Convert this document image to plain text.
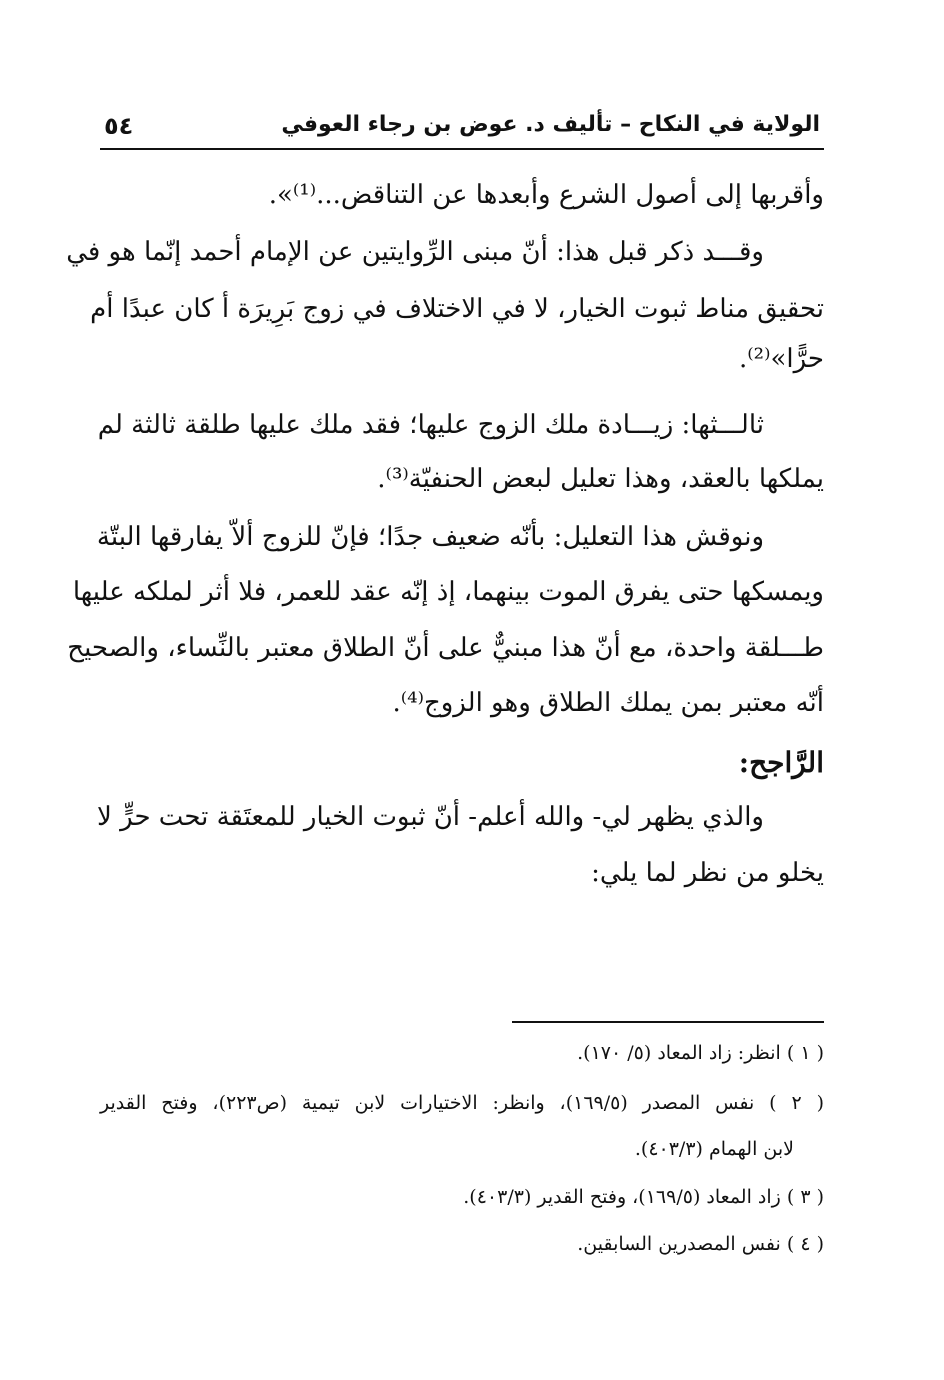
الولاية في النكاح – تأليف د. عوض بن رجاء العوفي
٥٤
وأقربها إلى أصول الشرع وأبعدها عن التناقض...⁽¹⁾».
وقـــد ذكر قبل هذا: أنّ مبنى الرِّوايتين عن الإمام أحمد إنّما هو في
تحقيق مناط ثبوت الخيار، لا في الاختلاف في زوج بَرِيرَة أ كان عبدًا أم
حرًّا»⁽²⁾.
ثالـــثها: زيـــادة ملك الزوج عليها؛ فقد ملك عليها طلقة ثالثة لم
يملكها بالعقد، وهذا تعليل لبعض الحنفيّة⁽³⁾.
ونوقش هذا التعليل: بأنّه ضعيف جدًا؛ فإنّ للزوج ألاّ يفارقها البتّة
ويمسكها حتى يفرق الموت بينهما، إذ إنّه عقد للعمر، فلا أثر لملكه عليها
طـــلقة واحدة، مع أنّ هذا مبنيٌّ على أنّ الطلاق معتبر بالنِّساء، والصحيح
أنّه معتبر بمن يملك الطلاق وهو الزوج⁽⁴⁾.
الرَّاجح:
والذي يظهر لي- والله أعلم- أنّ ثبوت الخيار للمعتَقة تحت حرٍّ لا
يخلو من نظر لما يلي:
( ١ ) انظر: زاد المعاد (٥/ ١٧٠).
( ٢ ) نفس المصدر (١٦٩/٥)، وانظر: الاختيارات لابن تيمية (ص٢٢٣)، وفتح القدير
لابن الهمام (٤٠٣/٣).
( ٣ ) زاد المعاد (١٦٩/٥)، وفتح القدير (٤٠٣/٣).
( ٤ ) نفس المصدرين السابقين.
